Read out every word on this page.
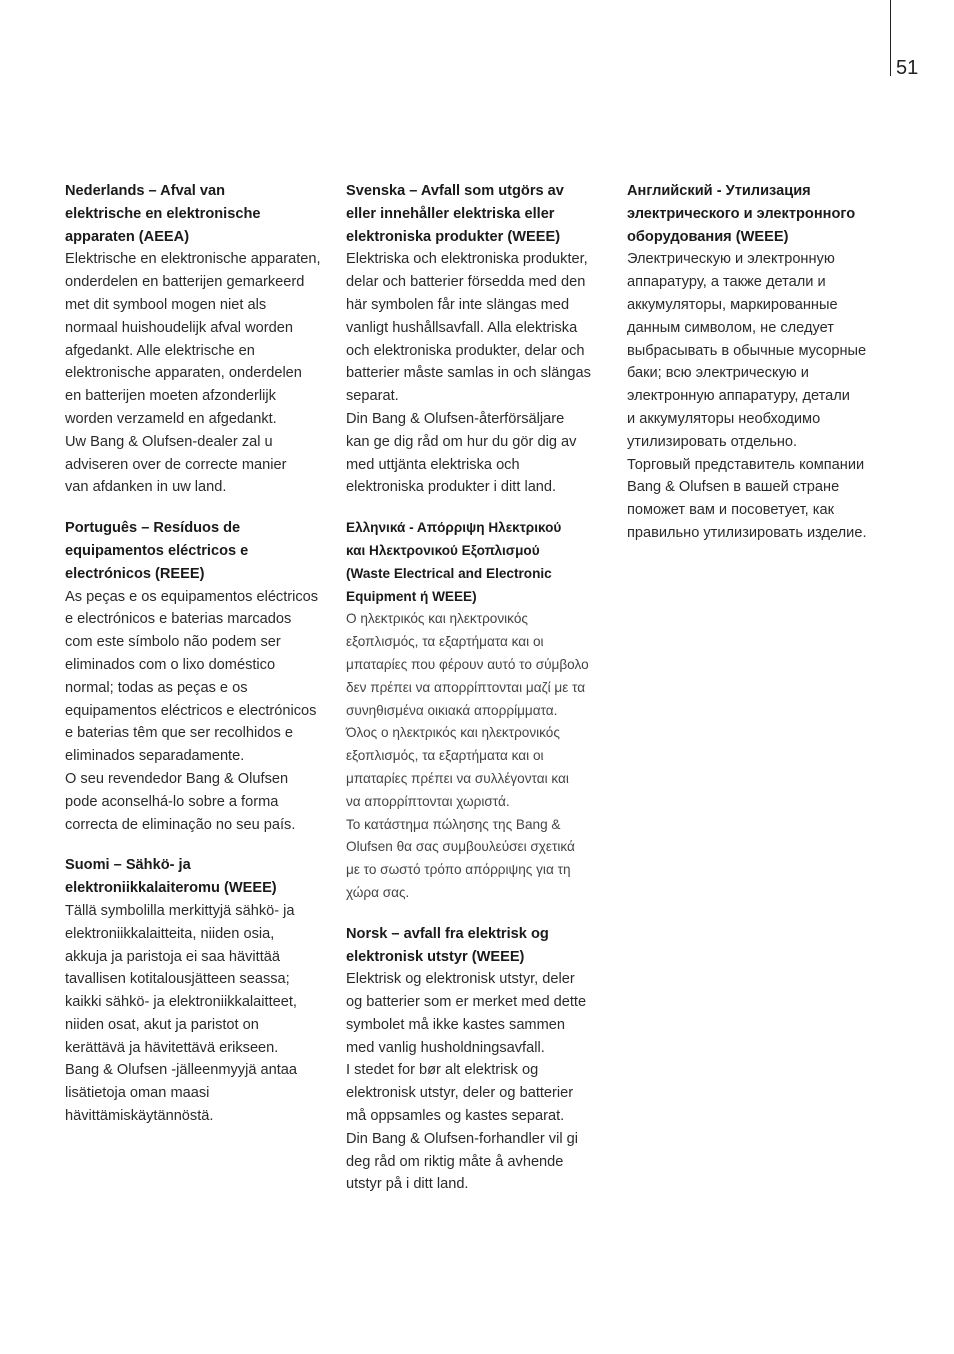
51

Nederlands – Afval van
elektrische en elektronische
apparaten (AEEA)

Elektrische en elektronische apparaten,
onderdelen en batterijen gemarkeerd
met dit symbool mogen niet als
normaal huishoudelijk afval worden
afgedankt. Alle elektrische en
elektronische apparaten, onderdelen
en batterijen moeten afzonderlijk
worden verzameld en afgedankt.
Uw Bang & Olufsen-dealer zal u
adviseren over de correcte manier
van afdanken in uw land.

Português – Resíduos de
equipamentos eléctricos e
electrónicos (REEE)

As peças e os equipamentos eléctricos
e electrónicos e baterias marcados
com este símbolo não podem ser
eliminados com o lixo doméstico
normal; todas as peças e os
equipamentos eléctricos e electrónicos
e baterias têm que ser recolhidos e
eliminados separadamente.
O seu revendedor Bang & Olufsen
pode aconselhá-lo sobre a forma
correcta de eliminação no seu país.

Suomi – Sähkö- ja
elektroniikkalaiteromu (WEEE)

Tällä symbolilla merkittyjä sähkö- ja
elektroniikkalaitteita, niiden osia,
akkuja ja paristoja ei saa hävittää
tavallisen kotitalousjätteen seassa;
kaikki sähkö- ja elektroniikkalaitteet,
niiden osat, akut ja paristot on
kerättävä ja hävitettävä erikseen.
Bang & Olufsen -jälleenmyyjä antaa
lisätietoja oman maasi
hävittämiskäytännöstä.

Svenska – Avfall som utgörs av
eller innehåller elektriska eller
elektroniska produkter (WEEE)

Elektriska och elektroniska produkter,
delar och batterier försedda med den
här symbolen får inte slängas med
vanligt hushållsavfall. Alla elektriska
och elektroniska produkter, delar och
batterier måste samlas in och slängas
separat.
Din Bang & Olufsen-återförsäljare
kan ge dig råd om hur du gör dig av
med uttjänta elektriska och
elektroniska produkter i ditt land.

Ελληνικά - Απόρριψη Ηλεκτρικού
και Ηλεκτρονικού Εξοπλισμού
(Waste Electrical and Electronic
Equipment ή WEEE)

Ο ηλεκτρικός και ηλεκτρονικός
εξοπλισμός, τα εξαρτήματα και οι
μπαταρίες που φέρουν αυτό το σύμβολο
δεν πρέπει να απορρίπτονται μαζί με τα
συνηθισμένα οικιακά απορρίμματα.
Όλος ο ηλεκτρικός και ηλεκτρονικός
εξοπλισμός, τα εξαρτήματα και οι
μπαταρίες πρέπει να συλλέγονται και
να απορρίπτονται χωριστά.
Το κατάστημα πώλησης της Bang &
Olufsen θα σας συμβουλεύσει σχετικά
με το σωστό τρόπο απόρριψης για τη
χώρα σας.

Norsk – avfall fra elektrisk og
elektronisk utstyr (WEEE)

Elektrisk og elektronisk utstyr, deler
og batterier som er merket med dette
symbolet må ikke kastes sammen
med vanlig husholdningsavfall.
I stedet for bør alt elektrisk og
elektronisk utstyr, deler og batterier
må oppsamles og kastes separat.
Din Bang & Olufsen-forhandler vil gi
deg råd om riktig måte å avhende
utstyr på i ditt land.

Английский - Утилизация
электрического и электронного
оборудования (WEEE)

Электрическую и электронную
аппаратуру, а также детали и
аккумуляторы, маркированные
данным символом, не следует
выбрасывать в обычные мусорные
баки; всю электрическую и
электронную аппаратуру, детали
и аккумуляторы необходимо
утилизировать отдельно.
Торговый представитель компании
Bang & Olufsen в вашей стране
поможет вам и посоветует, как
правильно утилизировать изделие.
